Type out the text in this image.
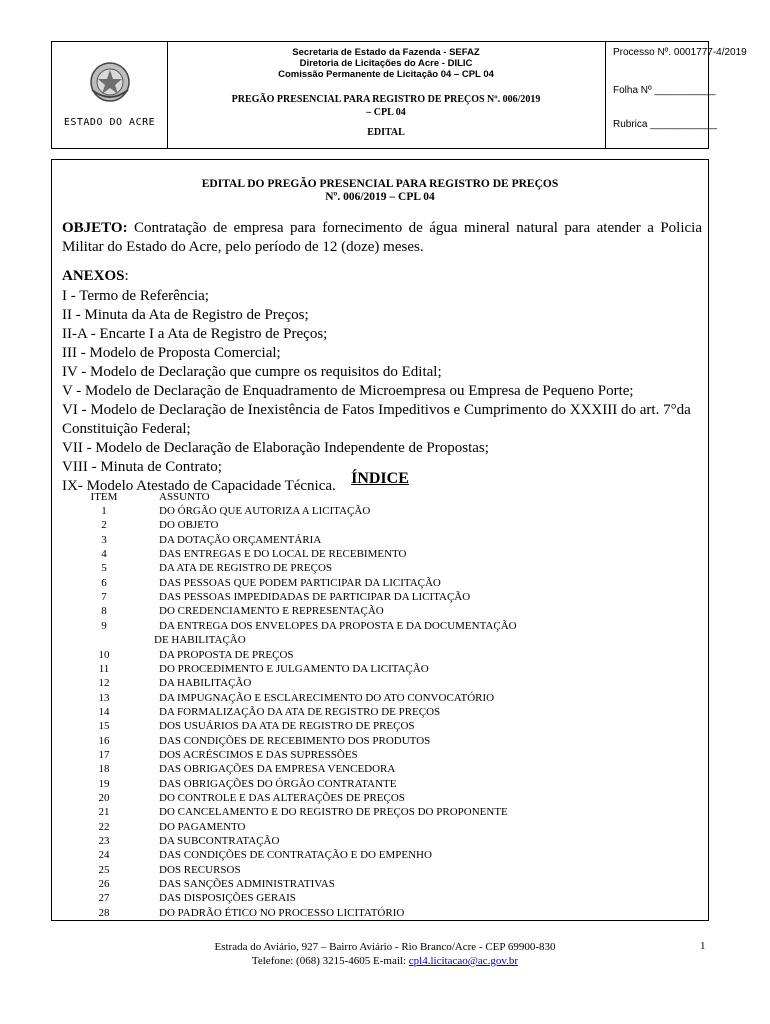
ESTADO DO ACRE
Secretaria de Estado da Fazenda - SEFAZ
Diretoria de Licitações do Acre - DILIC
Comissão Permanente de Licitação 04 – CPL 04
PREGÃO PRESENCIAL PARA REGISTRO DE PREÇOS Nº. 006/2019
– CPL 04
EDITAL
Processo Nº. 0001777-4/2019
Folha Nº ___________
Rubrica ____________
EDITAL DO PREGÃO PRESENCIAL PARA REGISTRO DE PREÇOS
Nº. 006/2019 – CPL 04
OBJETO: Contratação de empresa para fornecimento de água mineral natural para atender a Policia Militar do Estado do Acre, pelo período de 12 (doze) meses.
ANEXOS:
I - Termo de Referência;
II - Minuta da Ata de Registro de Preços;
II-A - Encarte I a Ata de Registro de Preços;
III - Modelo de Proposta Comercial;
IV - Modelo de Declaração que cumpre os requisitos do Edital;
V - Modelo de Declaração de Enquadramento de Microempresa ou Empresa de Pequeno Porte;
VI - Modelo de Declaração de Inexistência de Fatos Impeditivos e Cumprimento do XXXIII do art. 7°da Constituição Federal;
VII - Modelo de Declaração de Elaboração Independente de Propostas;
VIII - Minuta de Contrato;
IX- Modelo Atestado de Capacidade Técnica. ÍNDICE
ITEM	ASSUNTO
1	DO ÓRGÃO QUE AUTORIZA A LICITAÇÃO
2	DO OBJETO
3	DA DOTAÇÃO ORÇAMENTÁRIA
4	DAS ENTREGAS E DO LOCAL DE RECEBIMENTO
5	DA ATA DE REGISTRO DE PREÇOS
6	DAS PESSOAS QUE PODEM PARTICIPAR DA LICITAÇÃO
7	DAS PESSOAS IMPEDIDADAS DE PARTICIPAR DA LICITAÇÃO
8	DO CREDENCIAMENTO E REPRESENTAÇÃO
9	DA ENTREGA DOS ENVELOPES DA PROPOSTA E DA DOCUMENTAÇÃO
DE HABILITAÇÃO
10	DA PROPOSTA DE PREÇOS
11	DO PROCEDIMENTO E JULGAMENTO DA LICITAÇÃO
12	DA HABILITAÇÃO
13	DA IMPUGNAÇÃO E ESCLARECIMENTO DO ATO CONVOCATÓRIO
14	DA FORMALIZAÇÃO DA ATA DE REGISTRO DE PREÇOS
15	DOS USUÁRIOS DA ATA DE REGISTRO DE PREÇOS
16	DAS CONDIÇÕES DE RECEBIMENTO DOS PRODUTOS
17	DOS ACRÉSCIMOS E DAS SUPRESSÕES
18	DAS OBRIGAÇÕES DA EMPRESA VENCEDORA
19	DAS OBRIGAÇÕES DO ÓRGÃO CONTRATANTE
20	DO CONTROLE E DAS ALTERAÇÕES DE PREÇOS
21	DO CANCELAMENTO E DO REGISTRO DE PREÇOS DO PROPONENTE
22	DO PAGAMENTO
23	DA SUBCONTRATAÇÃO
24	DAS CONDIÇÕES DE CONTRATAÇÃO E DO EMPENHO
25	DOS RECURSOS
26	DAS SANÇÕES ADMINISTRATIVAS
27	DAS DISPOSIÇÕES GERAIS
28	DO PADRÃO ÉTICO NO PROCESSO LICITATÓRIO
Estrada do Aviário, 927 – Bairro Aviário - Rio Branco/Acre - CEP 69900-830
Telefone: (068) 3215-4605 E-mail: cpl4.licitacao@ac.gov.br
1
